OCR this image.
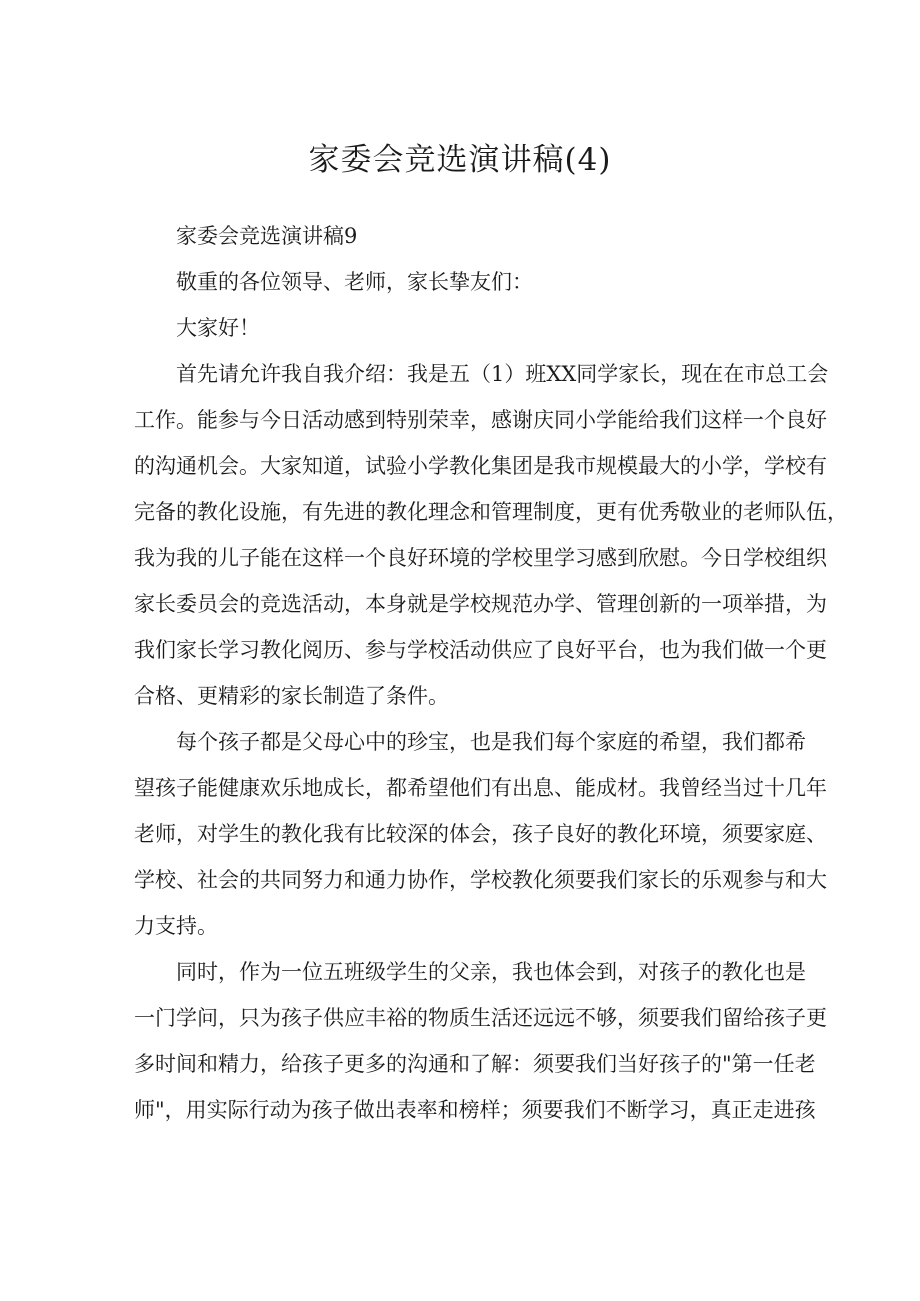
家委会竞选演讲稿(4)

家委会竞选演讲稿9

敬重的各位领导、老师，家长挚友们：

大家好！

首先请允许我自我介绍：我是五（1）班XX同学家长，现在在市总工会

工作。能参与今日活动感到特别荣幸，感谢庆同小学能给我们这样一个良好

的沟通机会。大家知道，试验小学教化集团是我市规模最大的小学，学校有

完备的教化设施，有先进的教化理念和管理制度，更有优秀敬业的老师队伍，

我为我的儿子能在这样一个良好环境的学校里学习感到欣慰。今日学校组织

家长委员会的竞选活动，本身就是学校规范办学、管理创新的一项举措，为

我们家长学习教化阅历、参与学校活动供应了良好平台，也为我们做一个更

合格、更精彩的家长制造了条件。

每个孩子都是父母心中的珍宝，也是我们每个家庭的希望，我们都希

望孩子能健康欢乐地成长，都希望他们有出息、能成材。我曾经当过十几年

老师，对学生的教化我有比较深的体会，孩子良好的教化环境，须要家庭、

学校、社会的共同努力和通力协作，学校教化须要我们家长的乐观参与和大

力支持。

同时，作为一位五班级学生的父亲，我也体会到，对孩子的教化也是

一门学问，只为孩子供应丰裕的物质生活还远远不够，须要我们留给孩子更

多时间和精力，给孩子更多的沟通和了解：须要我们当好孩子的"第一任老

师"，用实际行动为孩子做出表率和榜样；须要我们不断学习，真正走进孩
